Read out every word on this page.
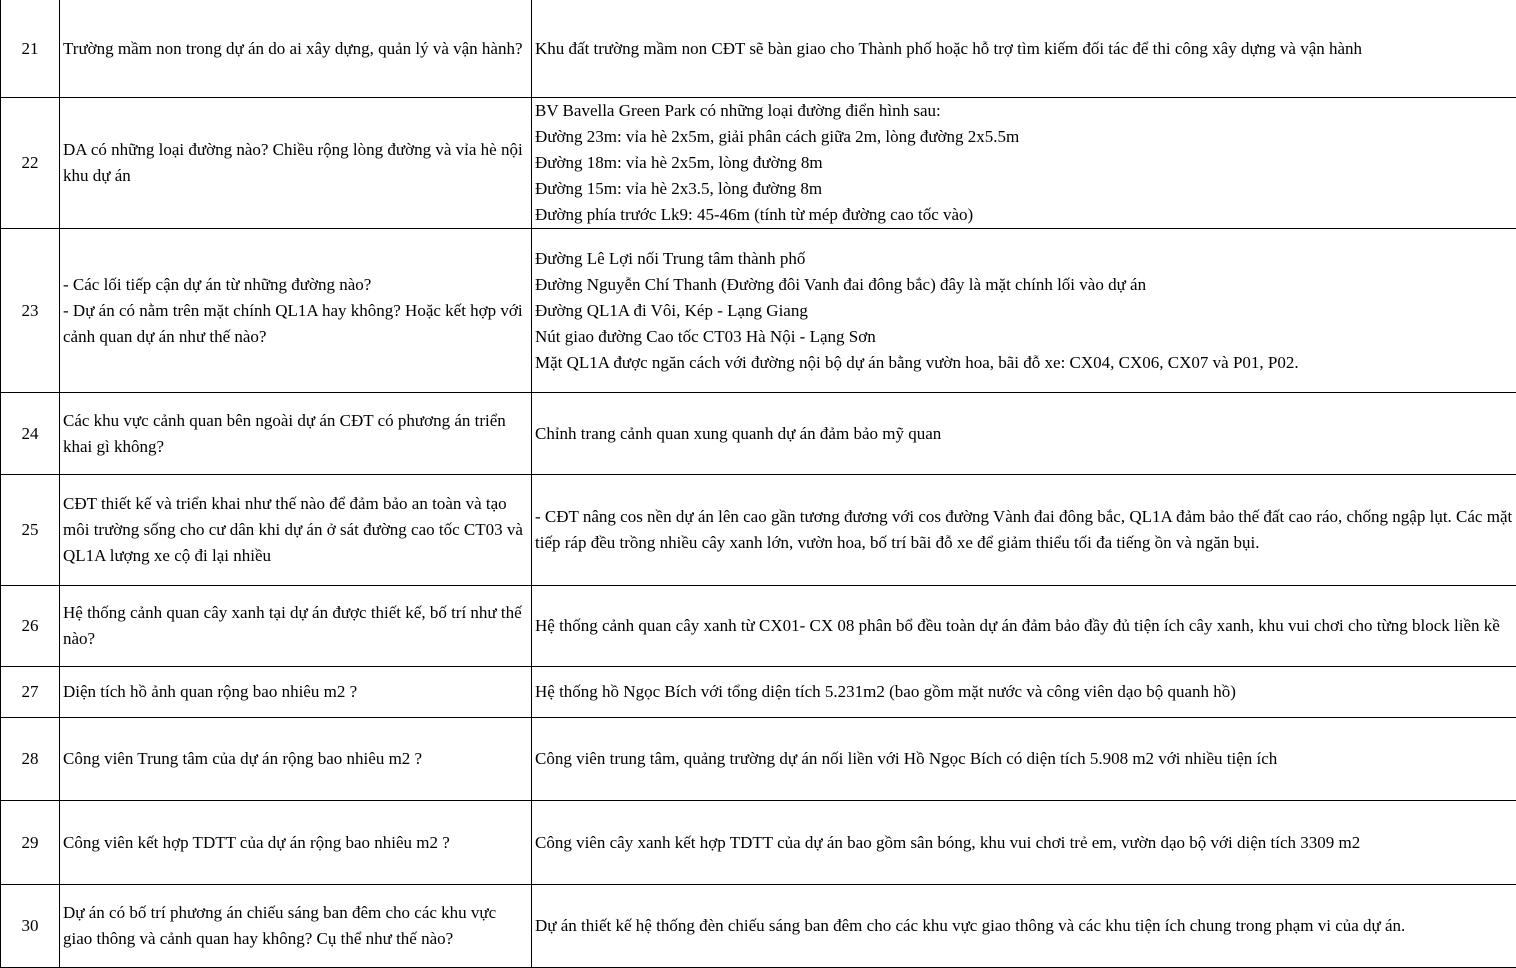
21	Trường mầm non trong dự án do ai xây dựng, quản lý và vận hành?	Khu đất trường mầm non CĐT sẽ bàn giao cho Thành phố hoặc hỗ trợ tìm kiếm đối tác để thi công xây dựng và vận hành

22	DA có những loại đường nào? Chiều rộng lòng đường và vỉa hè nội khu dự án	BV Bavella Green Park có những loại đường điển hình sau:
Đường 23m: vỉa hè 2x5m, giải phân cách giữa 2m, lòng đường 2x5.5m
Đường 18m: vỉa hè 2x5m, lòng đường 8m
Đường 15m: vỉa hè 2x3.5, lòng đường 8m
Đường phía trước Lk9: 45-46m (tính từ mép đường cao tốc vào)

23	- Các lối tiếp cận dự án từ những đường nào?
- Dự án có nằm trên mặt chính QL1A hay không? Hoặc kết hợp với cảnh quan dự án như thế nào?	Đường Lê Lợi nối Trung tâm thành phố
Đường Nguyễn Chí Thanh (Đường đôi Vanh đai đông bắc) đây là mặt chính lối vào dự án
Đường QL1A đi Vôi, Kép - Lạng Giang
Nút giao đường Cao tốc CT03 Hà Nội - Lạng Sơn
Mặt QL1A được ngăn cách với đường nội bộ dự án bằng vườn hoa, bãi đỗ xe: CX04, CX06, CX07 và P01, P02.

24	Các khu vực cảnh quan bên ngoài dự án CĐT có phương án triển khai gì không?	Chỉnh trang cảnh quan xung quanh dự án đảm bảo mỹ quan

25	CĐT thiết kế và triển khai như thế nào để đảm bảo an toàn và tạo môi trường sống cho cư dân khi dự án ở sát đường cao tốc CT03 và QL1A lượng xe cộ đi lại nhiều	- CĐT nâng cos nền dự án lên cao gần tương đương với cos đường Vành đai đông bắc, QL1A đảm bảo thế đất cao ráo, chống ngập lụt. Các mặt tiếp ráp đều trồng nhiều cây xanh lớn, vườn hoa, bố trí bãi đỗ xe để giảm thiểu tối đa tiếng ồn và ngăn bụi.

26	Hệ thống cảnh quan cây xanh tại dự án được thiết kế, bố trí như thế nào?	Hệ thống cảnh quan cây xanh từ CX01- CX 08 phân bổ đều toàn dự án đảm bảo đầy đủ tiện ích cây xanh, khu vui chơi cho từng block liền kề

27	Diện tích hồ ảnh quan rộng bao nhiêu m2 ?	Hệ thống hồ Ngọc Bích với tổng diện tích 5.231m2 (bao gồm mặt nước và công viên dạo bộ quanh hồ)

28	Công viên Trung tâm của dự án rộng bao nhiêu m2 ?	Công viên trung tâm, quảng trường dự án nối liền với Hồ Ngọc Bích có diện tích 5.908 m2 với nhiều tiện ích

29	Công viên kết hợp TDTT của dự án rộng bao nhiêu m2 ?	Công viên cây xanh kết hợp TDTT của dự án bao gồm sân bóng, khu vui chơi trẻ em, vườn dạo bộ với diện tích 3309 m2

30	Dự án có bố trí phương án chiếu sáng ban đêm cho các khu vực giao thông và cảnh quan hay không? Cụ thể như thế nào?	Dự án thiết kế hệ thống đèn chiếu sáng ban đêm cho các khu vực giao thông và các khu tiện ích chung trong phạm vi của dự án.
